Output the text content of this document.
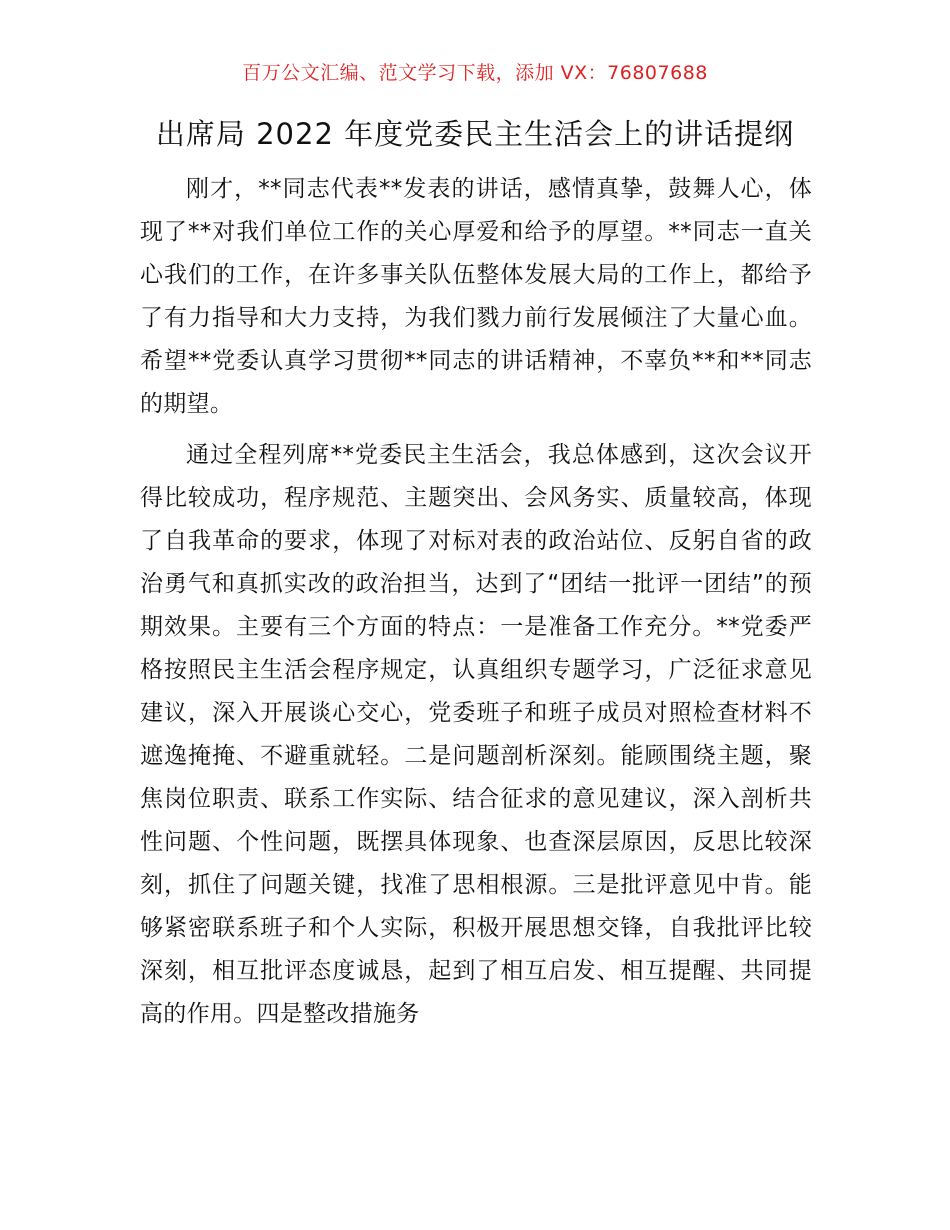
百万公文汇编、范文学习下载，添加 VX：76807688
出席局 2022 年度党委民主生活会上的讲话提纲

刚才，**同志代表**发表的讲话，感情真挚，鼓舞人心，体现了**对我们单位工作的关心厚爱和给予的厚望。**同志一直关心我们的工作，在许多事关队伍整体发展大局的工作上，都给予了有力指导和大力支持，为我们戮力前行发展倾注了大量心血。希望**党委认真学习贯彻**同志的讲话精神，不辜负**和**同志的期望。

通过全程列席**党委民主生活会，我总体感到，这次会议开得比较成功，程序规范、主题突出、会风务实、质量较高，体现了自我革命的要求，体现了对标对表的政治站位、反躬自省的政治勇气和真抓实改的政治担当，达到了“团结一批评一团结”的预期效果。主要有三个方面的特点：一是准备工作充分。**党委严格按照民主生活会程序规定，认真组织专题学习，广泛征求意见建议，深入开展谈心交心，党委班子和班子成员对照检查材料不遮逸掩掩、不避重就轻。二是问题剖析深刻。能顾围绕主题，聚焦岗位职责、联系工作实际、结合征求的意见建议，深入剖析共性问题、个性问题，既摆具体现象、也查深层原因，反思比较深刻，抓住了问题关键，找准了思相根源。三是批评意见中肯。能够紧密联系班子和个人实际，积极开展思想交锋，自我批评比较深刻，相互批评态度诚恳，起到了相互启发、相互提醒、共同提高的作用。四是整改措施务
